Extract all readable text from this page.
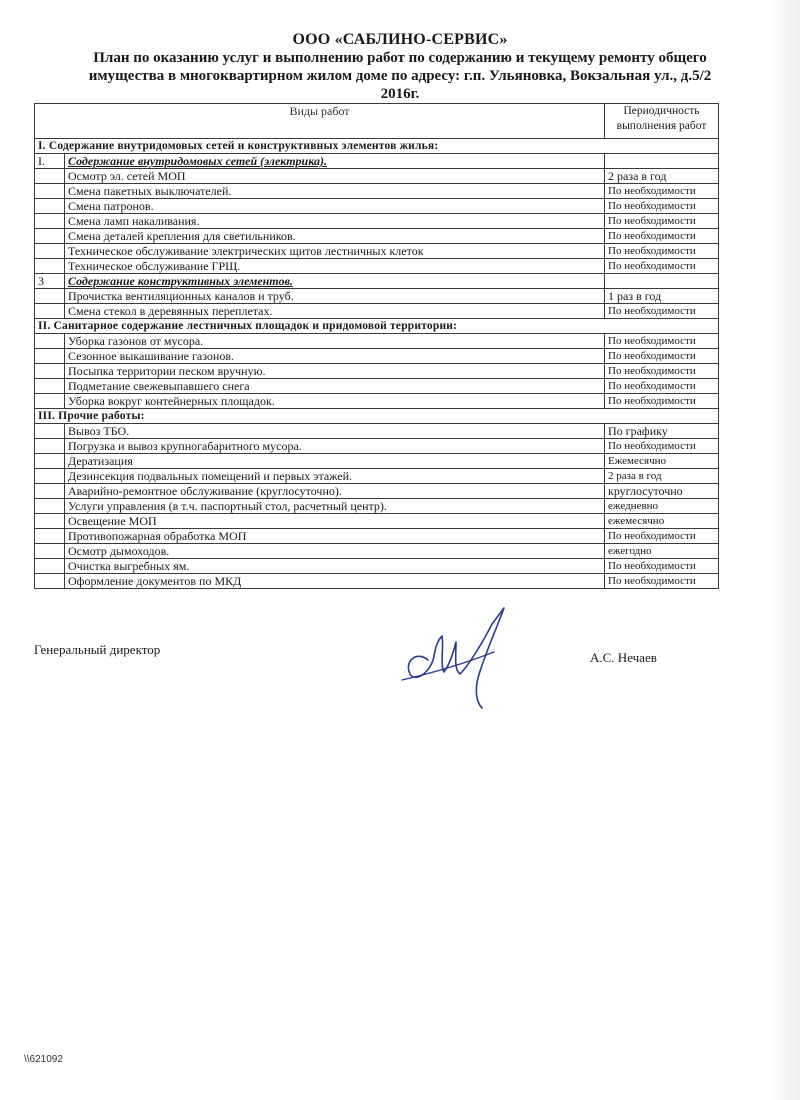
ООО «САБЛИНО-СЕРВИС»
План по оказанию услуг и выполнению работ по содержанию и текущему ремонту общего
имущества в многоквартирном жилом доме по адресу: г.п. Ульяновка, Вокзальная ул., д.5/2
2016г.
Виды работ		Периодичность
выполнения работ

I. Содержание внутридомовых сетей и конструктивных элементов жилья:		
I.	Содержание внутридомовых сетей (электрика).	
	Осмотр эл. сетей МОП	2 раза в год
	Смена пакетных выключателей.	По необходимости
	Смена патронов.	По необходимости
	Смена ламп накаливания.	По необходимости
	Смена деталей крепления для светильников.	По необходимости
	Техническое обслуживание электрических щитов лестничных клеток	По необходимости
	Техническое обслуживание ГРЩ.	По необходимости
3	Содержание конструктивных элементов.	
	Прочистка вентиляционных каналов и труб.	1 раз в год
	Смена стекол в деревянных переплетах.	По необходимости
II. Санитарное содержание лестничных площадок и придомовой территории:		
	Уборка газонов от мусора.	По необходимости
	Сезонное выкашивание газонов.	По необходимости
	Посыпка территории песком вручную.	По необходимости
	Подметание свежевыпавшего снега	По необходимости
	Уборка вокруг контейнерных площадок.	По необходимости
III. Прочие работы:		
	Вывоз ТБО.	По графику
	Погрузка и вывоз крупногабаритного мусора.	По необходимости
	Дератизация	Ежемесячно
	Дезинсекция подвальных помещений и первых этажей.	2 раза в год
	Аварийно-ремонтное обслуживание (круглосуточно).	круглосуточно
	Услуги управления (в т.ч. паспортный стол, расчетный центр).	ежедневно
	Освещение МОП	ежемесячно
	Противопожарная обработка МОП	По необходимости
	Осмотр дымоходов.	ежегодно
	Очистка выгребных ям.	По необходимости
	Оформление документов по МКД	По необходимости
Генеральный директор
А.С. Нечаев
\\621092
